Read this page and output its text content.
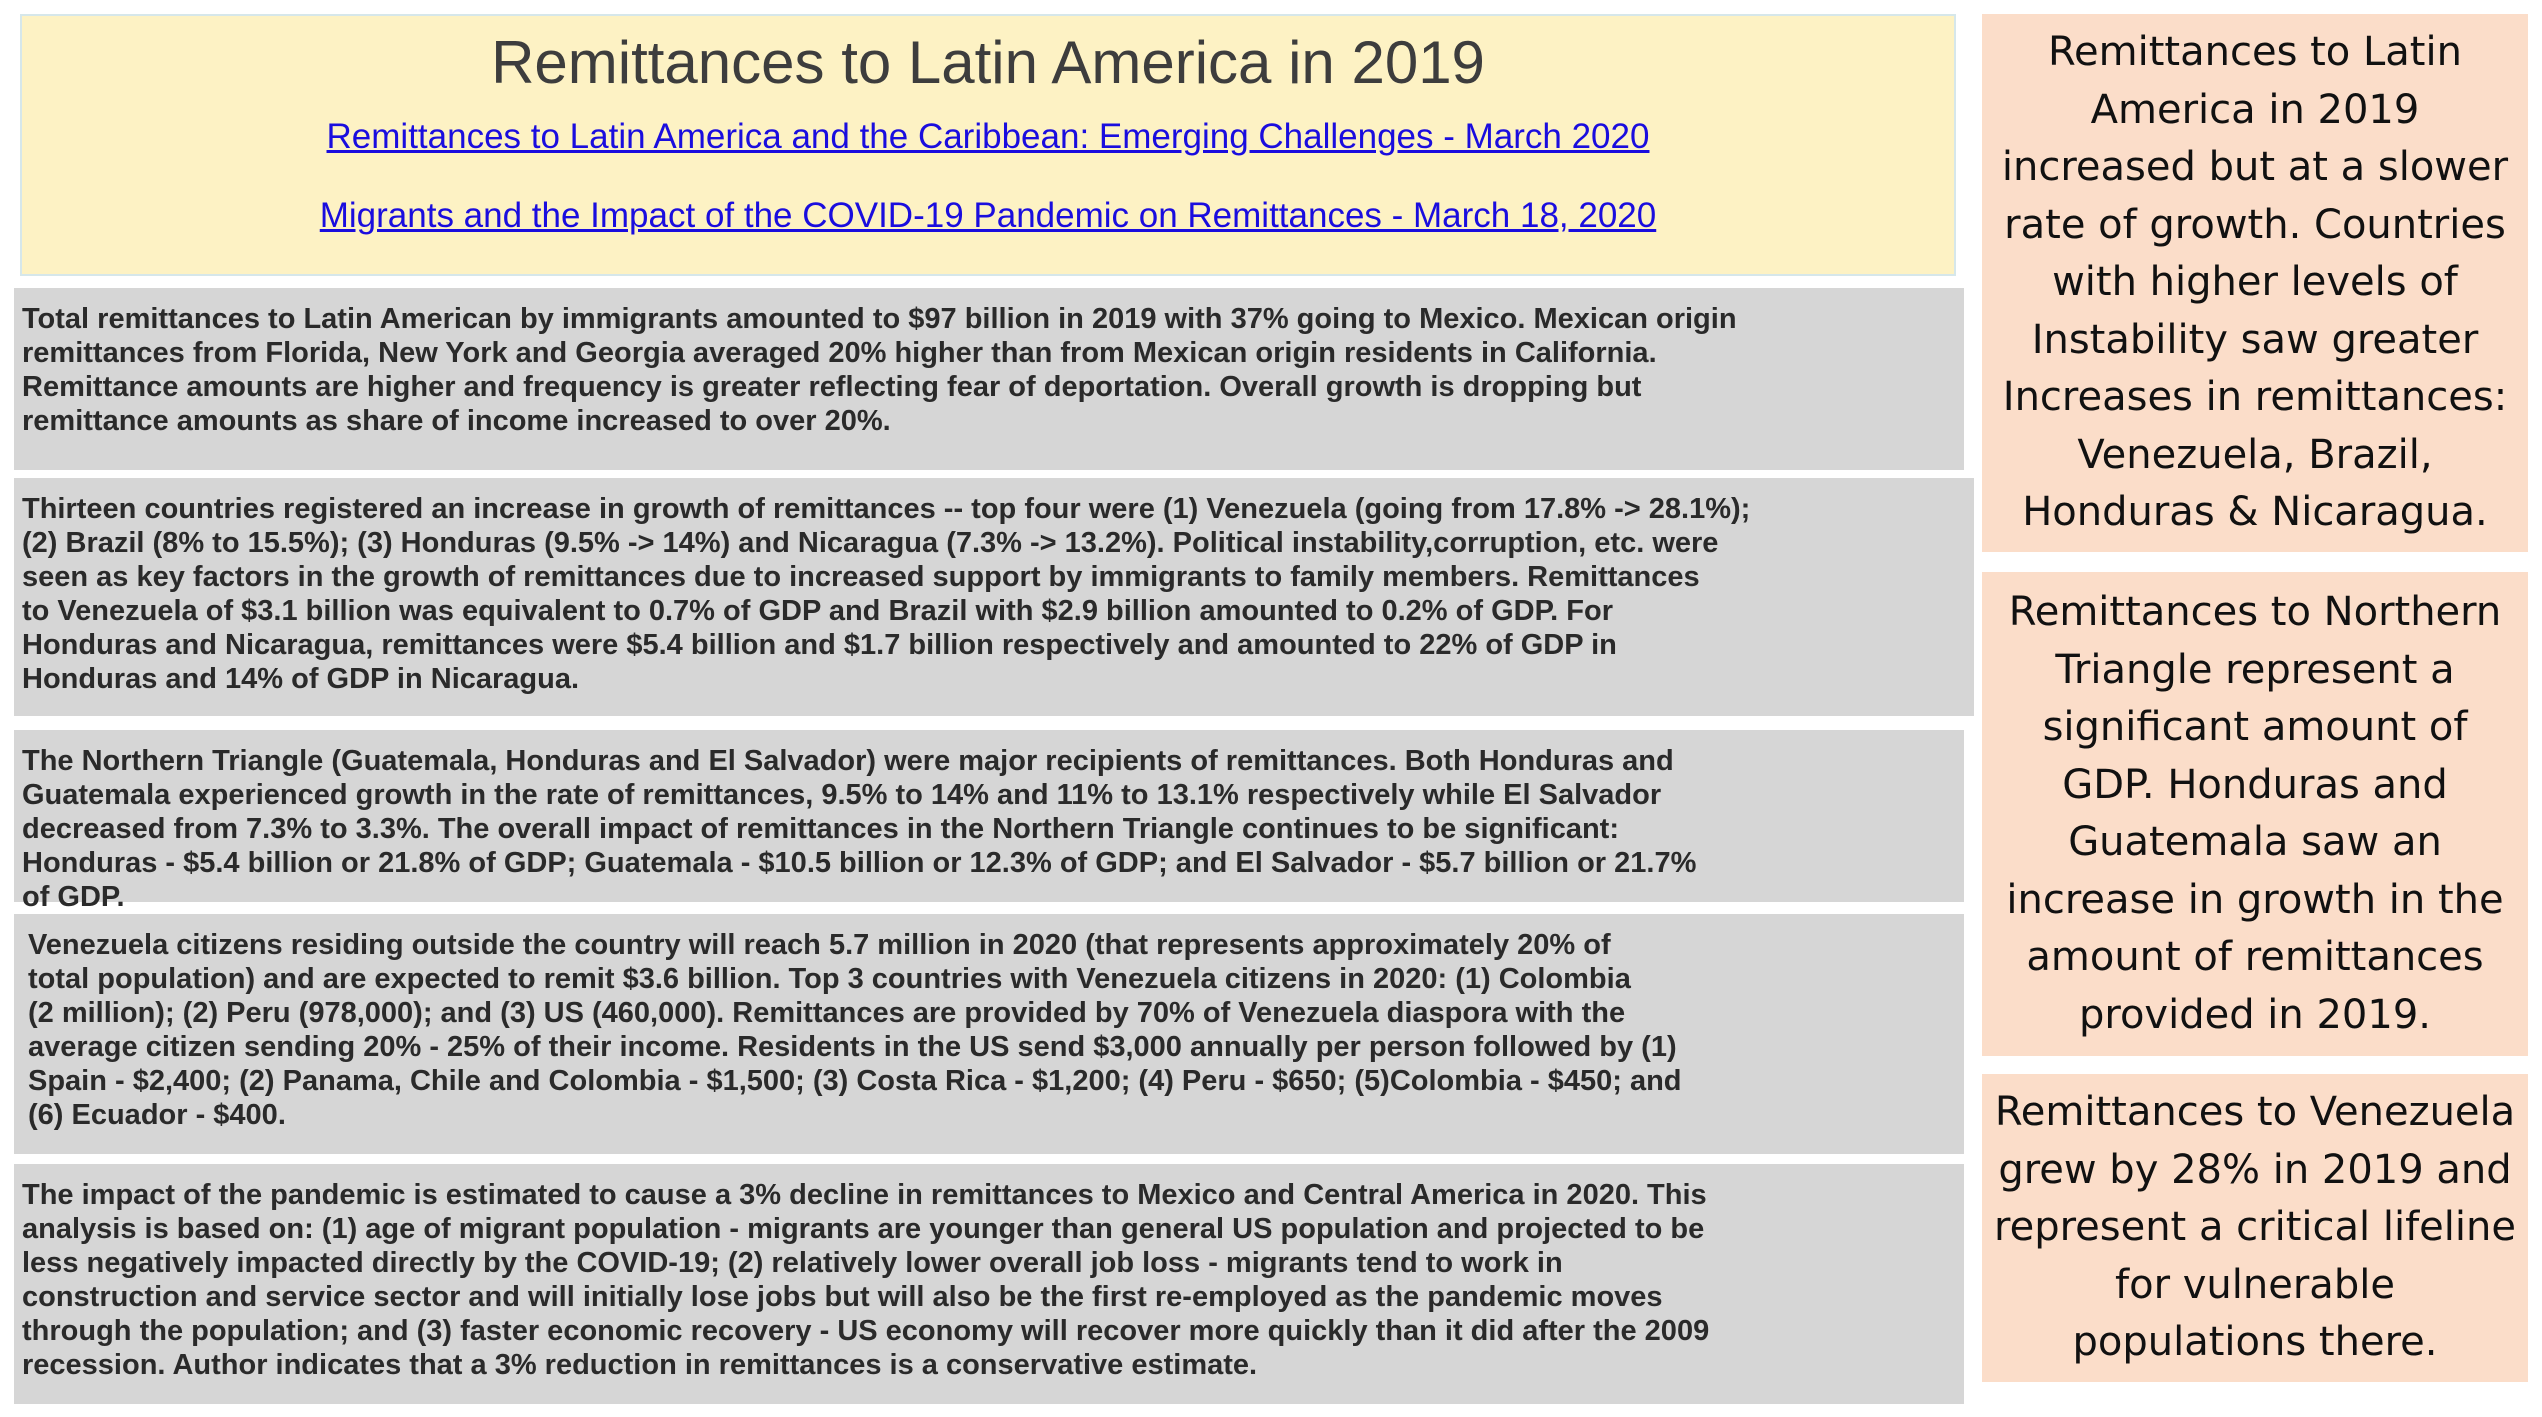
Remittances to Latin America in 2019
Remittances to Latin America and the Caribbean: Emerging Challenges - March 2020
Migrants and the Impact of the COVID-19 Pandemic on Remittances - March 18, 2020
Total remittances to Latin American by immigrants amounted to $97 billion in 2019 with 37% going to Mexico. Mexican origin
remittances from Florida, New York and Georgia averaged 20% higher than from Mexican origin residents in California.
Remittance amounts are higher and frequency is greater reflecting fear of deportation. Overall growth is dropping but
remittance amounts as share of income increased to over 20%.
Thirteen countries registered an increase in growth of remittances -- top four were (1) Venezuela (going from 17.8% -> 28.1%);
(2) Brazil (8% to 15.5%); (3) Honduras (9.5% -> 14%) and Nicaragua (7.3% -> 13.2%). Political instability,corruption, etc. were
seen as key factors in the growth of remittances due to increased support by immigrants to family members. Remittances
to Venezuela of $3.1 billion was equivalent to 0.7% of GDP and Brazil with $2.9 billion amounted to 0.2% of GDP. For
Honduras and Nicaragua, remittances were $5.4 billion and $1.7 billion respectively and amounted to 22% of GDP in
Honduras and 14% of GDP in Nicaragua.
The Northern Triangle (Guatemala, Honduras and El Salvador) were major recipients of remittances. Both Honduras and
Guatemala experienced growth in the rate of remittances, 9.5% to 14% and 11% to 13.1% respectively while El Salvador
decreased from 7.3% to 3.3%. The overall impact of remittances in the Northern Triangle continues to be significant:
Honduras - $5.4 billion or 21.8% of GDP; Guatemala - $10.5 billion or 12.3% of GDP; and El Salvador - $5.7 billion or 21.7%
of GDP.
Venezuela citizens residing outside the country will reach 5.7 million in 2020 (that represents approximately 20% of
total population) and are expected to remit $3.6 billion. Top 3 countries with Venezuela citizens in 2020: (1) Colombia
(2 million); (2) Peru (978,000); and (3) US (460,000). Remittances are provided by 70% of Venezuela diaspora with the
average citizen sending 20% - 25% of their income. Residents in the US send $3,000 annually per person followed by (1)
Spain - $2,400; (2) Panama, Chile and Colombia - $1,500; (3) Costa Rica - $1,200; (4) Peru - $650; (5)Colombia - $450; and
(6) Ecuador - $400.
The impact of the pandemic is estimated to cause a 3% decline in remittances to Mexico and Central America in 2020. This
analysis is based on: (1) age of migrant population - migrants are younger than general US population and projected to be
less negatively impacted directly by the COVID-19; (2) relatively lower overall job loss - migrants tend to work in
construction and service sector and will initially lose jobs but will also be the first re-employed as the pandemic moves
through the population; and (3) faster economic recovery - US economy will recover more quickly than it did after the 2009
recession. Author indicates that a 3% reduction in remittances is a conservative estimate.
Remittances to Latin
America in 2019
increased but at a slower
rate of growth. Countries
with higher levels of
Instability saw greater
Increases in remittances:
Venezuela, Brazil,
Honduras & Nicaragua.
Remittances to Northern
Triangle represent a
significant amount of
GDP. Honduras and
Guatemala saw an
increase in growth in the
amount of remittances
provided in 2019.
Remittances to Venezuela
grew by 28% in 2019 and
represent a critical lifeline
for vulnerable
populations there.
